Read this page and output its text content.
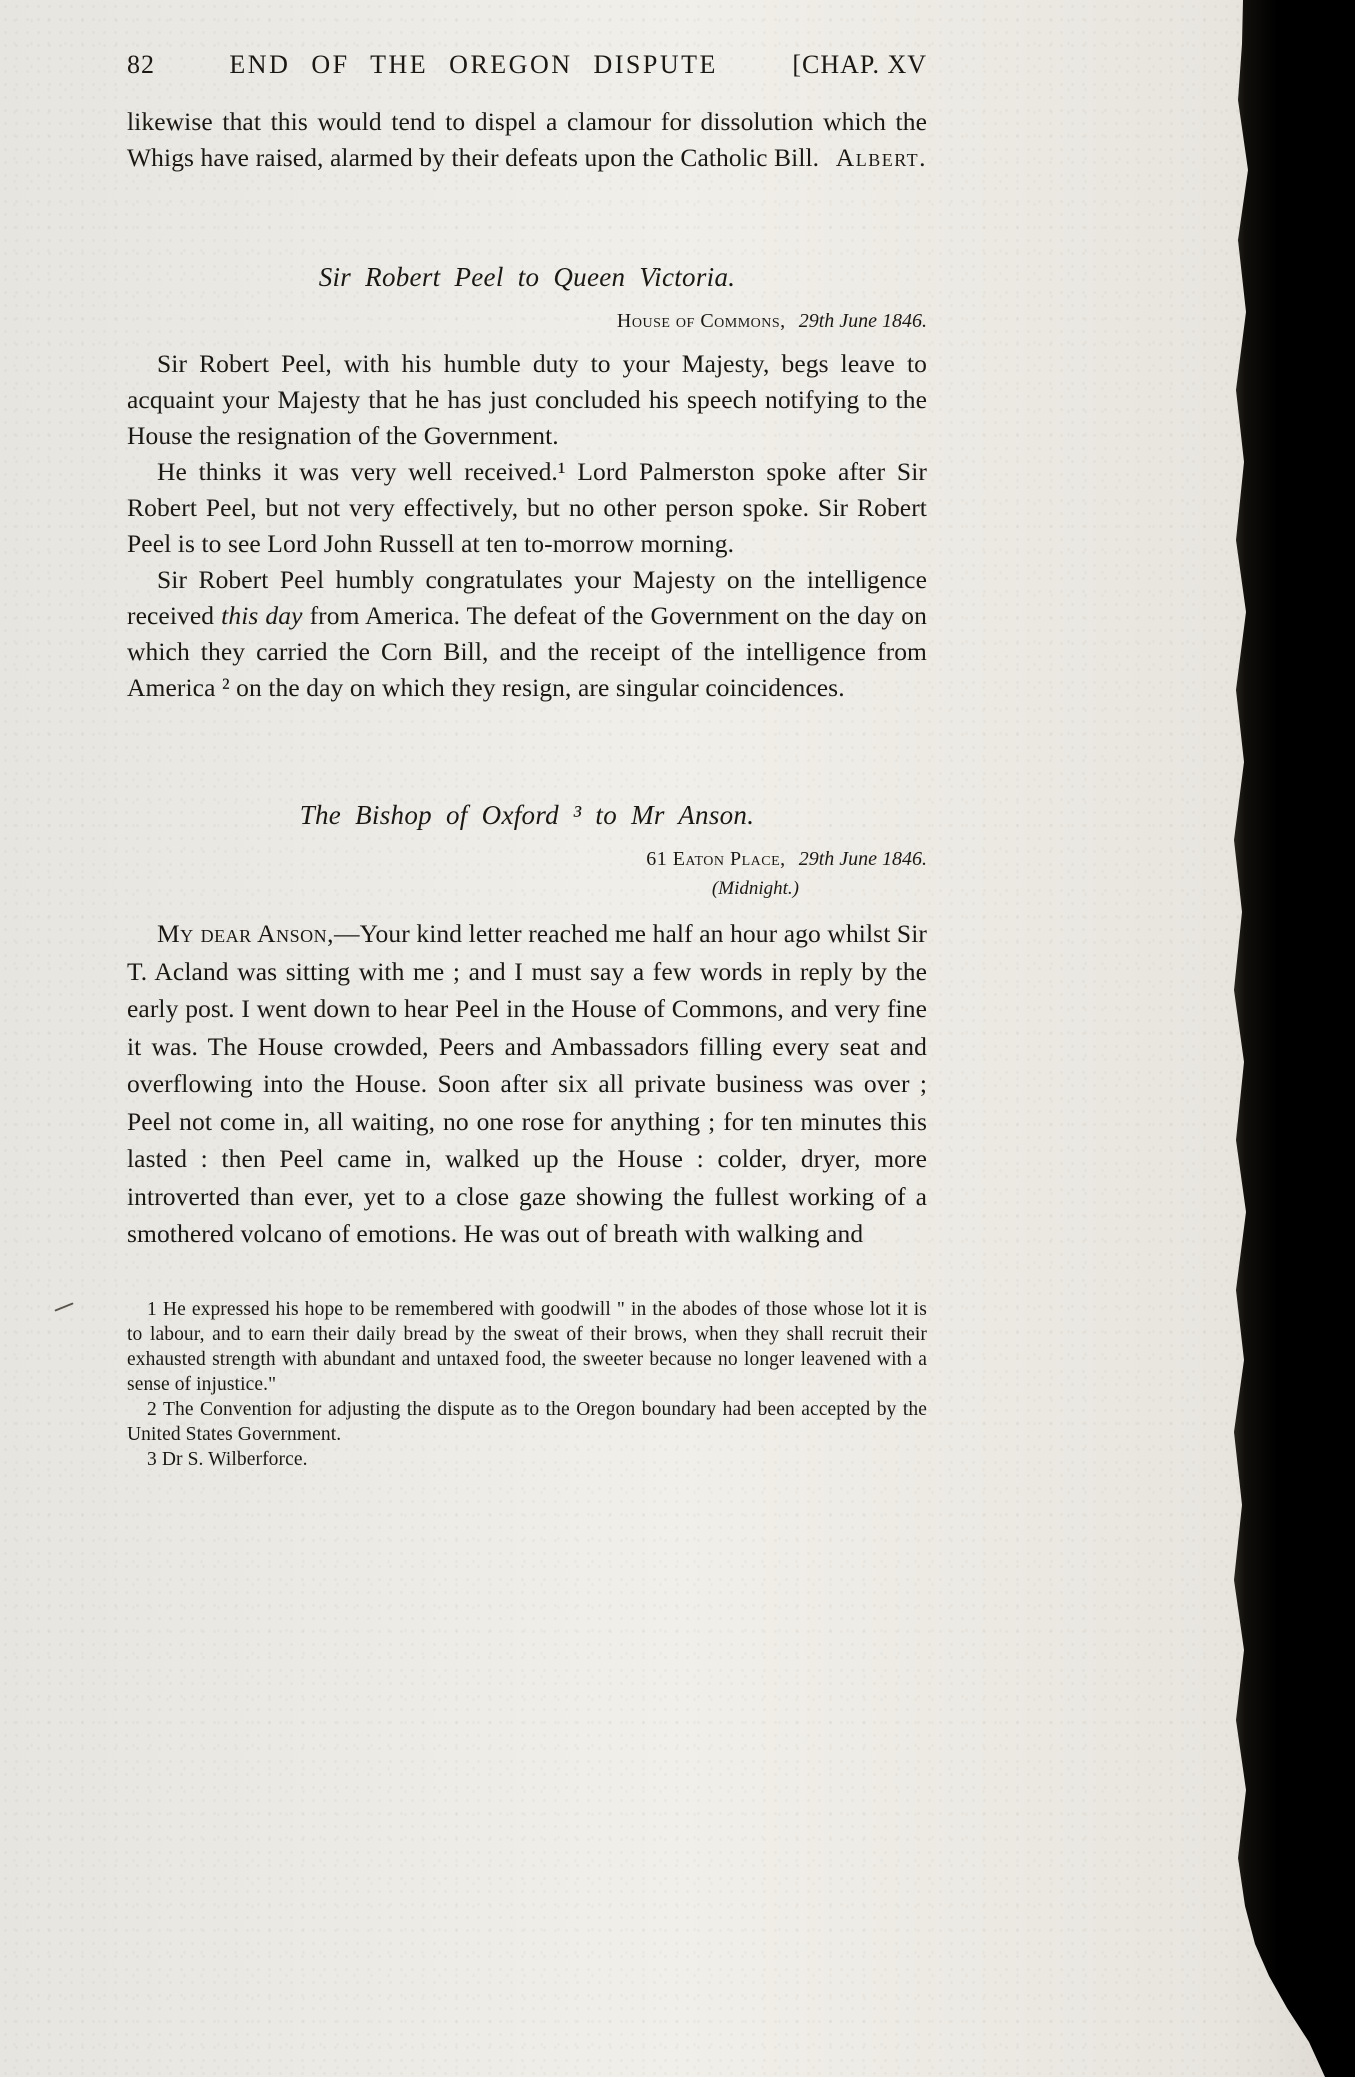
82	END OF THE OREGON DISPUTE	[CHAP. XV

likewise that this would tend to dispel a clamour for dissolution which the Whigs have raised, alarmed by their defeats upon the Catholic Bill. Albert.

Sir Robert Peel to Queen Victoria.

House of Commons, 29th June 1846.

Sir Robert Peel, with his humble duty to your Majesty, begs leave to acquaint your Majesty that he has just concluded his speech notifying to the House the resignation of the Government.

He thinks it was very well received.¹ Lord Palmerston spoke after Sir Robert Peel, but not very effectively, but no other person spoke. Sir Robert Peel is to see Lord John Russell at ten to-morrow morning.

Sir Robert Peel humbly congratulates your Majesty on the intelligence received this day from America. The defeat of the Government on the day on which they carried the Corn Bill, and the receipt of the intelligence from America ² on the day on which they resign, are singular coincidences.

The Bishop of Oxford ³ to Mr Anson.

61 Eaton Place, 29th June 1846.

(Midnight.)

My dear Anson,—Your kind letter reached me half an hour ago whilst Sir T. Acland was sitting with me ; and I must say a few words in reply by the early post. I went down to hear Peel in the House of Commons, and very fine it was. The House crowded, Peers and Ambassadors filling every seat and overflowing into the House. Soon after six all private business was over ; Peel not come in, all waiting, no one rose for anything ; for ten minutes this lasted : then Peel came in, walked up the House : colder, dryer, more introverted than ever, yet to a close gaze showing the fullest working of a smothered volcano of emotions. He was out of breath with walking and

1 He expressed his hope to be remembered with goodwill " in the abodes of those whose lot it is to labour, and to earn their daily bread by the sweat of their brows, when they shall recruit their exhausted strength with abundant and untaxed food, the sweeter because no longer leavened with a sense of injustice."

2 The Convention for adjusting the dispute as to the Oregon boundary had been accepted by the United States Government.

3 Dr S. Wilberforce.
